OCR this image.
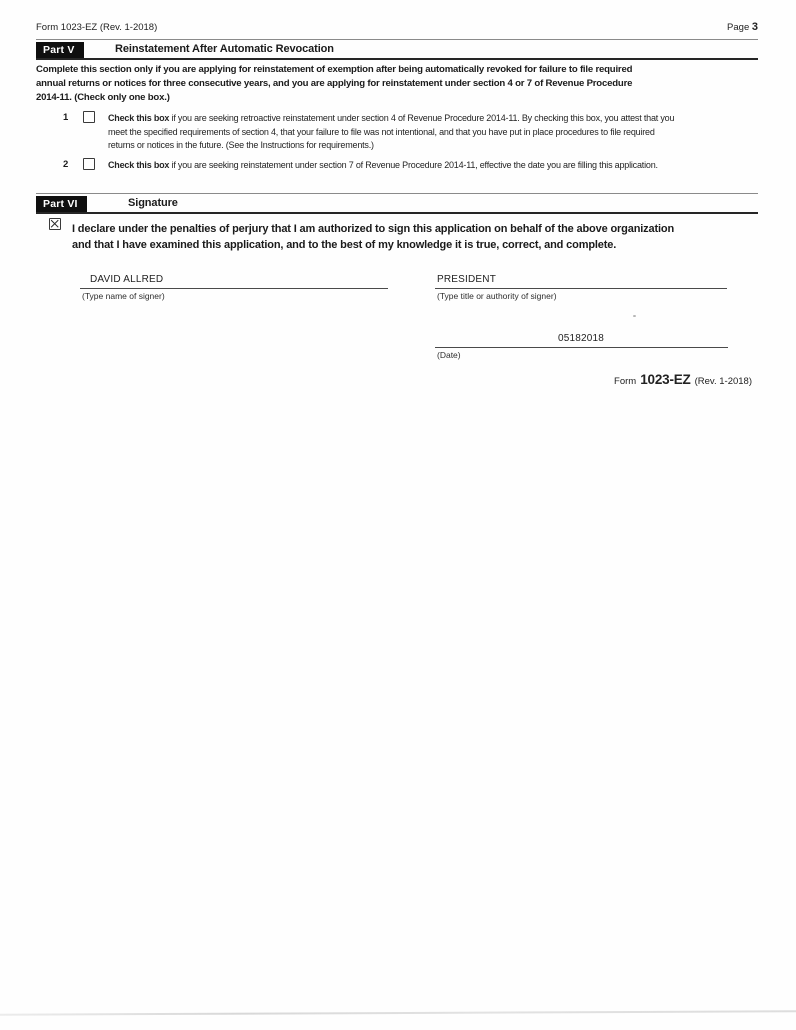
Form 1023-EZ (Rev. 1-2018)	Page 3
Part V	Reinstatement After Automatic Revocation
Complete this section only if you are applying for reinstatement of exemption after being automatically revoked for failure to file required
annual returns or notices for three consecutive years, and you are applying for reinstatement under section 4 or 7 of Revenue Procedure
2014-11. (Check only one box.)
1	Check this box if you are seeking retroactive reinstatement under section 4 of Revenue Procedure 2014-11. By checking this box, you attest that you
meet the specified requirements of section 4, that your failure to file was not intentional, and that you have put in place procedures to file required
returns or notices in the future. (See the Instructions for requirements.)
2	Check this box if you are seeking reinstatement under section 7 of Revenue Procedure 2014-11, effective the date you are filling this application.
Part VI	Signature
I declare under the penalties of perjury that I am authorized to sign this application on behalf of the above organization
and that I have examined this application, and to the best of my knowledge it is true, correct, and complete.
DAVID ALLRED
(Type name of signer)
PRESIDENT
(Type title or authority of signer)
05182018
(Date)
Form 1023-EZ (Rev. 1-2018)
